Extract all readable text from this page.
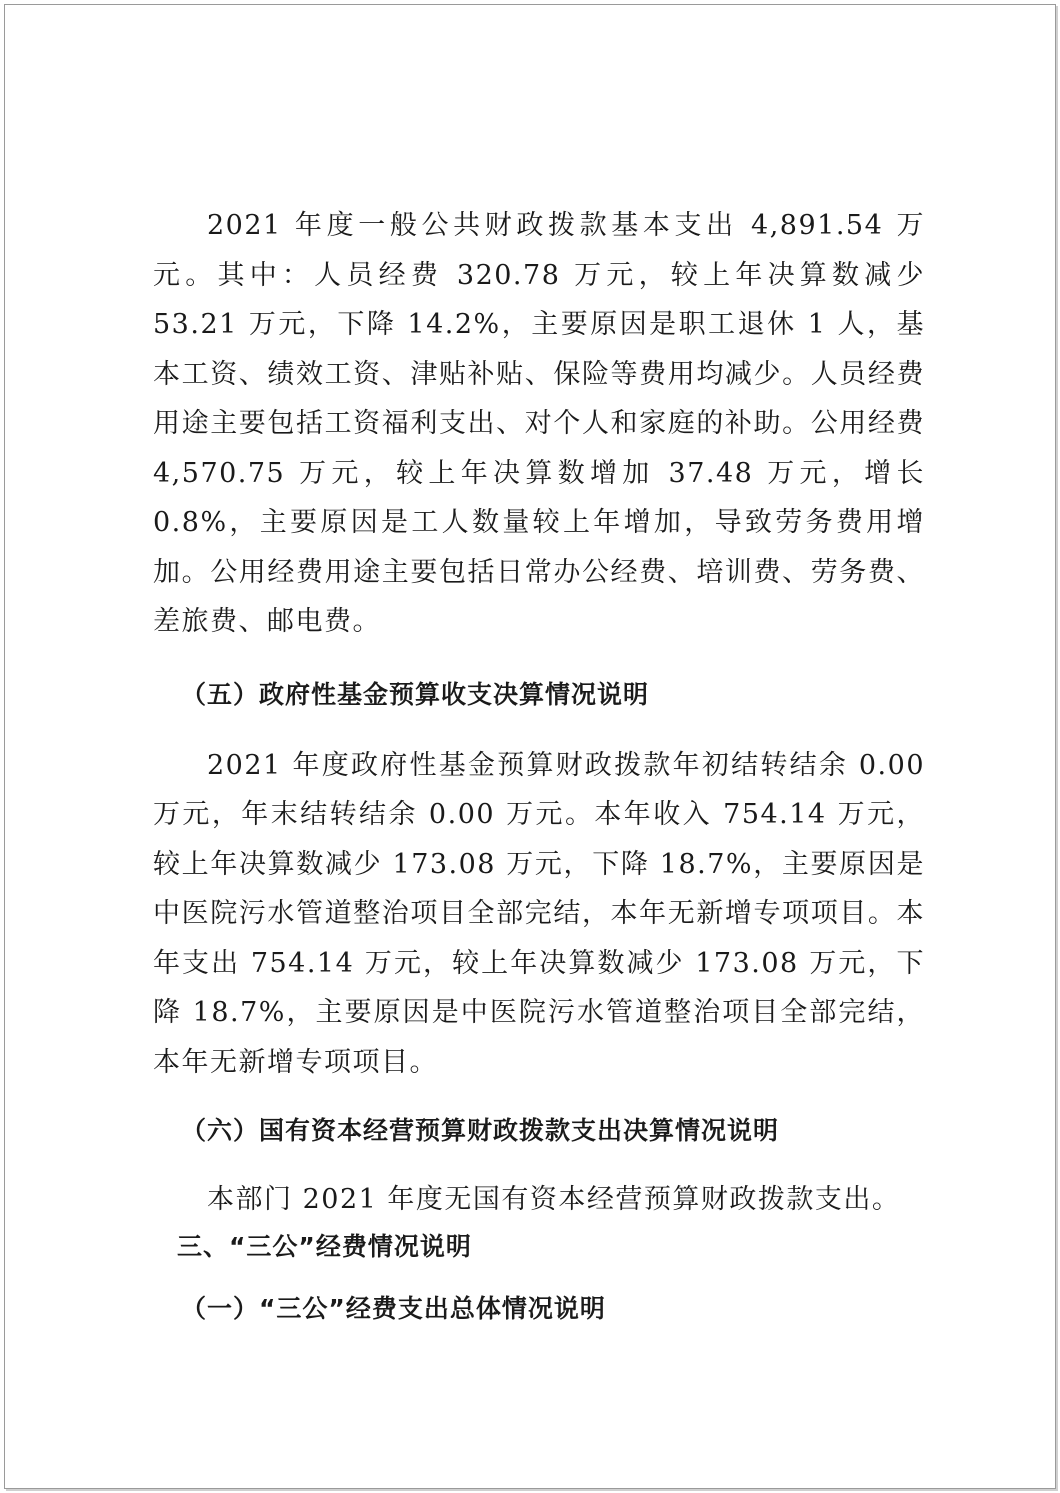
2021 年度一般公共财政拨款基本支出 4,891.54 万元。其中：人员经费 320.78 万元，较上年决算数减少 53.21 万元，下降 14.2%，主要原因是职工退休 1 人，基本工资、绩效工资、津贴补贴、保险等费用均减少。人员经费用途主要包括工资福利支出、对个人和家庭的补助。公用经费 4,570.75 万元，较上年决算数增加 37.48 万元，增长 0.8%，主要原因是工人数量较上年增加，导致劳务费用增加。公用经费用途主要包括日常办公经费、培训费、劳务费、差旅费、邮电费。

（五）政府性基金预算收支决算情况说明

2021 年度政府性基金预算财政拨款年初结转结余 0.00 万元，年末结转结余 0.00 万元。本年收入 754.14 万元，较上年决算数减少 173.08 万元，下降 18.7%，主要原因是中医院污水管道整治项目全部完结，本年无新增专项项目。本年支出 754.14 万元，较上年决算数减少 173.08 万元，下降 18.7%，主要原因是中医院污水管道整治项目全部完结，本年无新增专项项目。

（六）国有资本经营预算财政拨款支出决算情况说明

本部门 2021 年度无国有资本经营预算财政拨款支出。

三、“三公”经费情况说明
（一）“三公”经费支出总体情况说明
